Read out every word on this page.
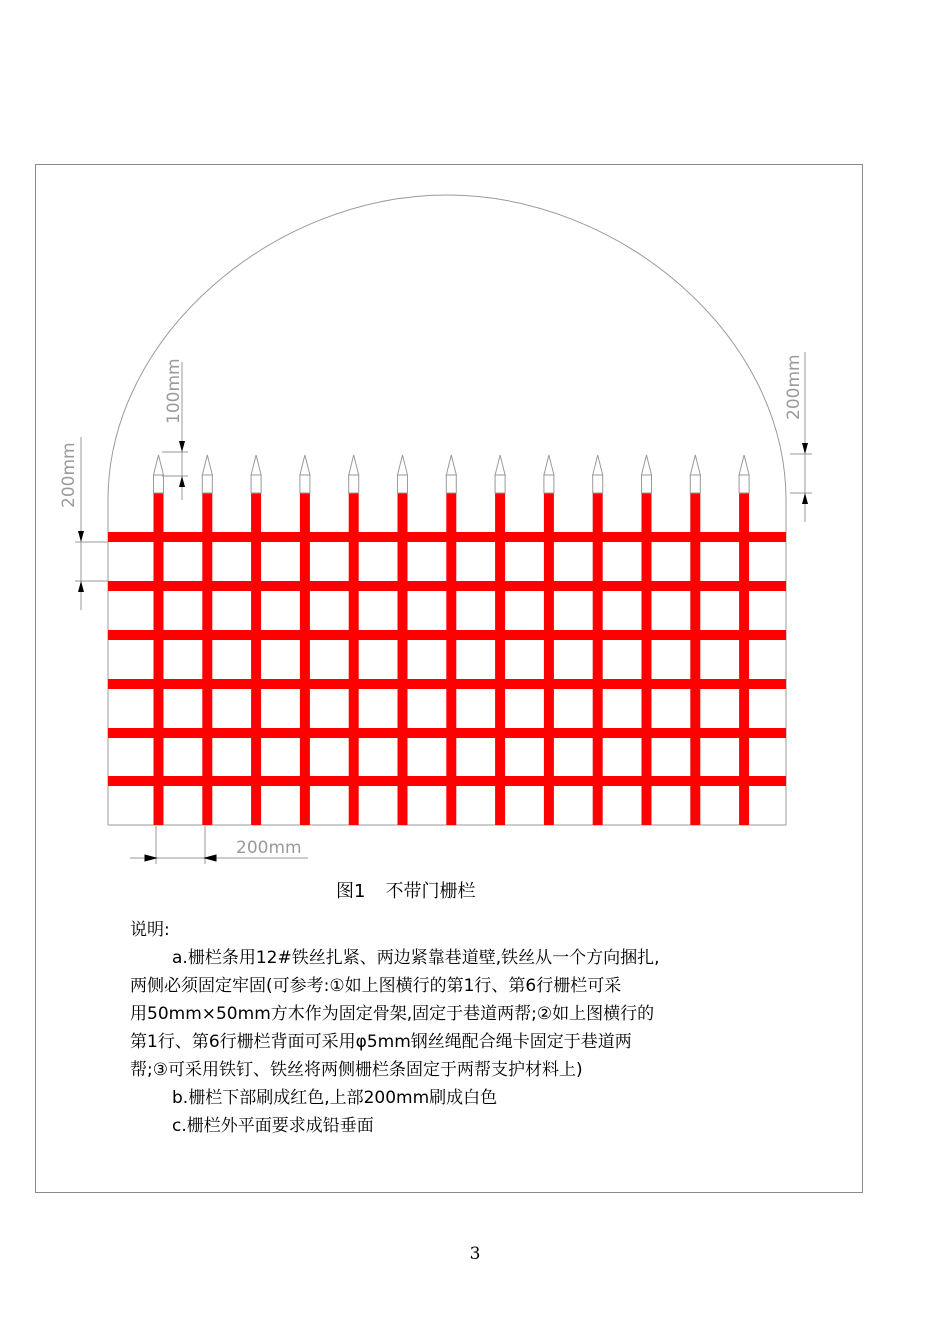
200mm
100mm
200mm
200mm
图1 不带门栅栏

说明:

a.栅栏条用12#铁丝扎紧、两边紧靠巷道壁,铁丝从一个方向捆扎,

两侧必须固定牢固(可参考:①如上图横行的第1行、第6行栅栏可采

用50mm×50mm方木作为固定骨架,固定于巷道两帮;②如上图横行的

第1行、第6行栅栏背面可采用φ5mm钢丝绳配合绳卡固定于巷道两

帮;③可采用铁钉、铁丝将两侧栅栏条固定于两帮支护材料上)

b.栅栏下部刷成红色,上部200mm刷成白色

c.栅栏外平面要求成铅垂面

3
